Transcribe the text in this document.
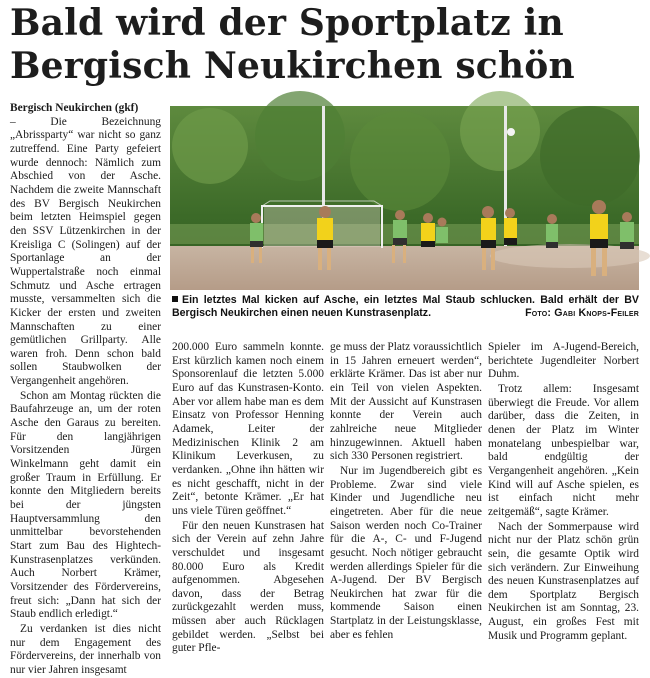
Bald wird der Sportplatz in
Bergisch Neukirchen schön

Bergisch Neukirchen (gkf)
– Die Bezeichnung „Abrissparty“ war nicht so ganz zutreffend. Eine Party gefeiert wurde dennoch: Nämlich zum Abschied von der Asche. Nachdem die zweite Mannschaft des BV Bergisch Neukirchen beim letzten Heimspiel gegen den SSV Lützenkirchen in der Kreisliga C (Solingen) auf der Sportanlage an der Wuppertalstraße noch einmal Schmutz und Asche ertragen musste, versammelten sich die Kicker der ersten und zweiten Mannschaften zu einer gemütlichen Grillparty. Alle waren froh. Denn schon bald sollen Staubwolken der Vergangenheit angehören.

Schon am Montag rückten die Baufahrzeuge an, um der roten Asche den Garaus zu bereiten. Für den langjährigen Vorsitzenden Jürgen Winkelmann geht damit ein großer Traum in Erfüllung. Er konnte den Mitgliedern bereits bei der jüngsten Hauptversammlung den unmittelbar bevorstehenden Start zum Bau des Hightech-Kunstrasenplatzes verkünden. Auch Norbert Krämer, Vorsitzender des Fördervereins, freut sich: „Dann hat sich der Staub endlich erledigt.“

Zu verdanken ist dies nicht nur dem Engagement des Fördervereins, der innerhalb von nur vier Jahren insgesamt

Ein letztes Mal kicken auf Asche, ein letztes Mal Staub schlucken. Bald erhält der BV Bergisch Neukirchen einen neuen Kunstrasenplatz.	Foto: Gabi Knops-Feiler

200.000 Euro sammeln konnte. Erst kürzlich kamen noch einem Sponsorenlauf die letzten 5.000 Euro auf das Kunstrasen-Konto. Aber vor allem habe man es dem Einsatz von Professor Henning Adamek, Leiter der Medizinischen Klinik 2 am Klinikum Leverkusen, zu verdanken. „Ohne ihn hätten wir es nicht geschafft, nicht in der Zeit“, betonte Krämer. „Er hat uns viele Türen geöffnet.“

Für den neuen Kunstrasen hat sich der Verein auf zehn Jahre verschuldet und insgesamt 80.000 Euro als Kredit aufgenommen. Abgesehen davon, dass der Betrag zurückgezahlt werden muss, müssen aber auch Rücklagen gebildet werden. „Selbst bei guter Pfle-

ge muss der Platz voraussichtlich in 15 Jahren erneuert werden“, erklärte Krämer. Das ist aber nur ein Teil von vielen Aspekten. Mit der Aussicht auf Kunstrasen konnte der Verein auch zahlreiche neue Mitglieder hinzugewinnen. Aktuell haben sich 330 Personen registriert.

Nur im Jugendbereich gibt es Probleme. Zwar sind viele Kinder und Jugendliche neu eingetreten. Aber für die neue Saison werden noch Co-Trainer für die A-, C- und F-Jugend gesucht. Noch nötiger gebraucht werden allerdings Spieler für die A-Jugend. Der BV Bergisch Neukirchen hat zwar für die kommende Saison einen Startplatz in der Leistungsklasse, aber es fehlen

Spieler im A-Jugend-Bereich, berichtete Jugendleiter Norbert Duhm.

Trotz allem: Insgesamt überwiegt die Freude. Vor allem darüber, dass die Zeiten, in denen der Platz im Winter monatelang unbespielbar war, bald endgültig der Vergangenheit angehören. „Kein Kind will auf Asche spielen, es ist einfach nicht mehr zeitgemäß“, sagte Krämer.

Nach der Sommerpause wird nicht nur der Platz schön grün sein, die gesamte Optik wird sich verändern. Zur Einweihung des neuen Kunstrasenplatzes auf dem Sportplatz Bergisch Neukirchen ist am Sonntag, 23. August, ein großes Fest mit Musik und Programm geplant.
